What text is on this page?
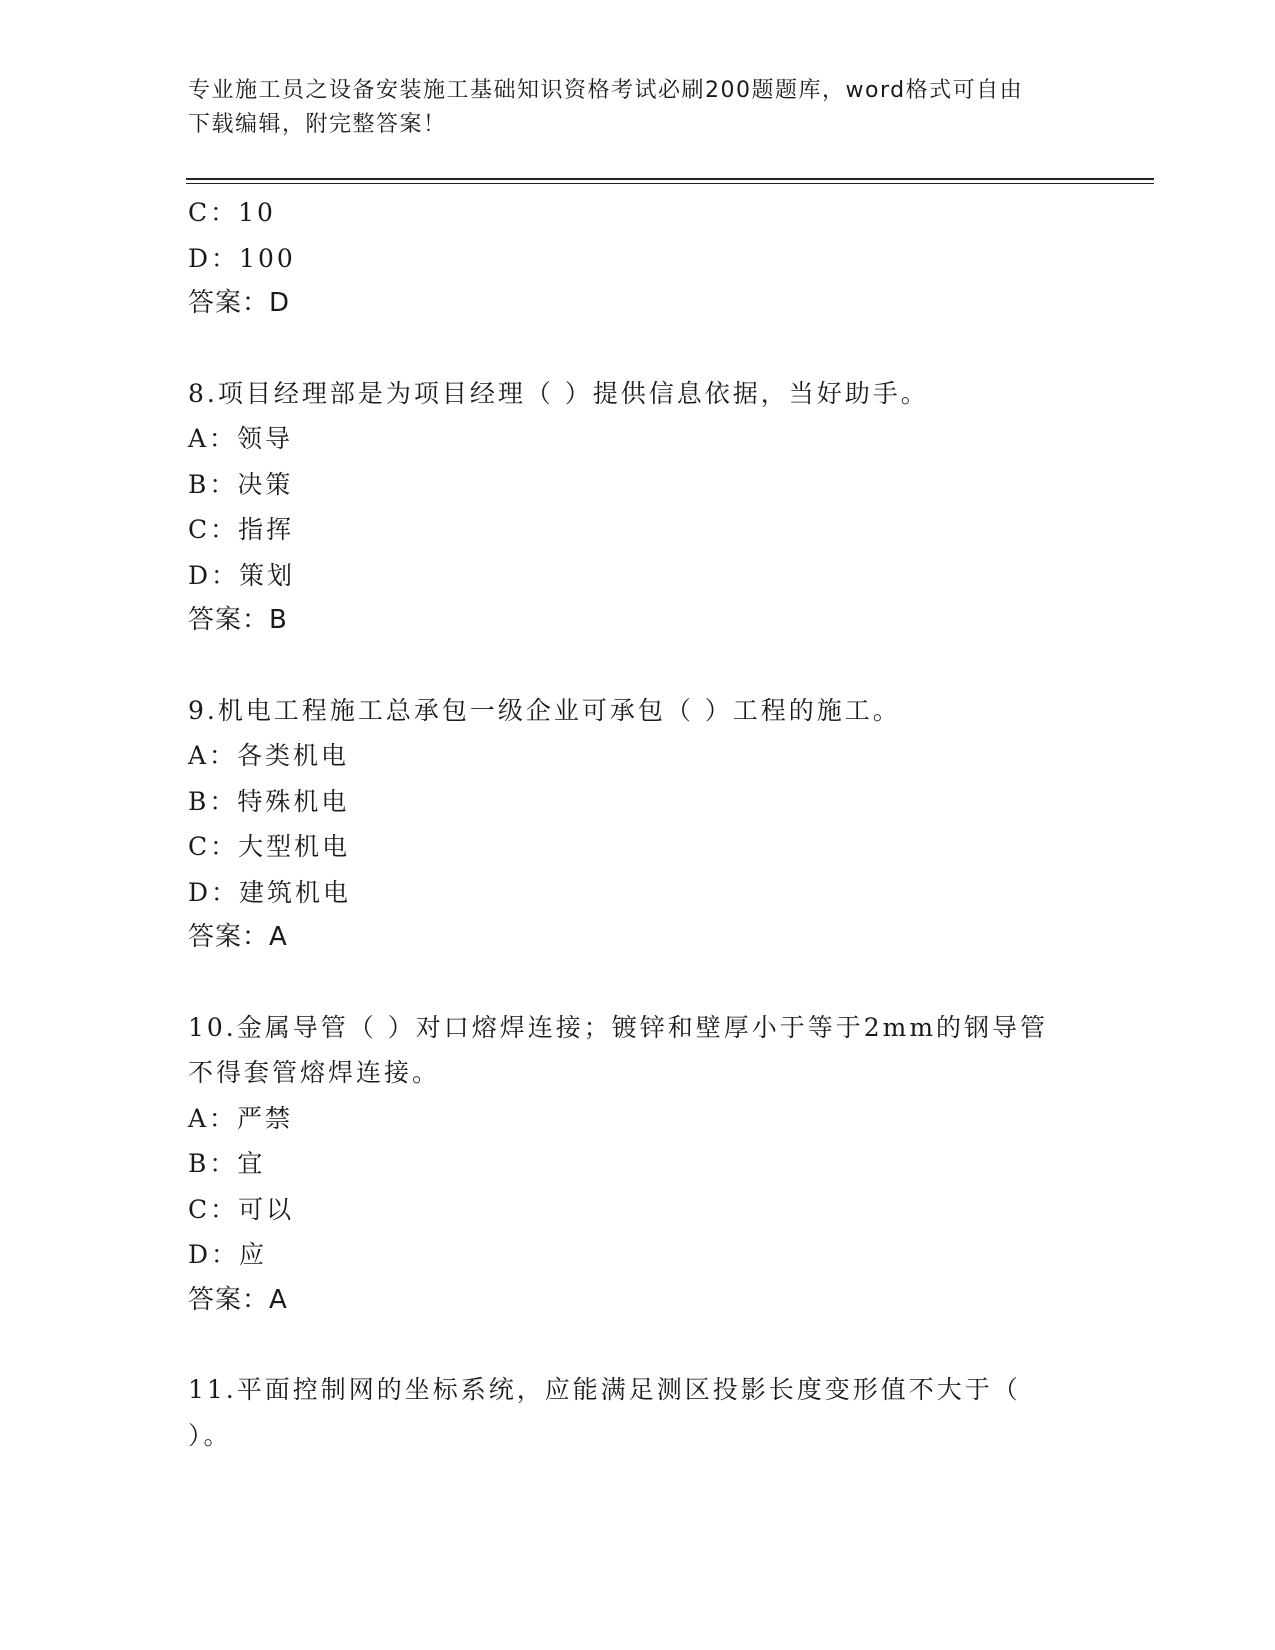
专业施工员之设备安装施工基础知识资格考试必刷200题题库，word格式可自由
下载编辑，附完整答案！
C：10
D：100
答案：D
8.项目经理部是为项目经理（ ）提供信息依据，当好助手。
A：领导
B：决策
C：指挥
D：策划
答案：B
9.机电工程施工总承包一级企业可承包（ ）工程的施工。
A：各类机电
B：特殊机电
C：大型机电
D：建筑机电
答案：A
10.金属导管（ ）对口熔焊连接；镀锌和壁厚小于等于2mm的钢导管
不得套管熔焊连接。
A：严禁
B：宜
C：可以
D：应
答案：A
11.平面控制网的坐标系统，应能满足测区投影长度变形值不大于（
）。
